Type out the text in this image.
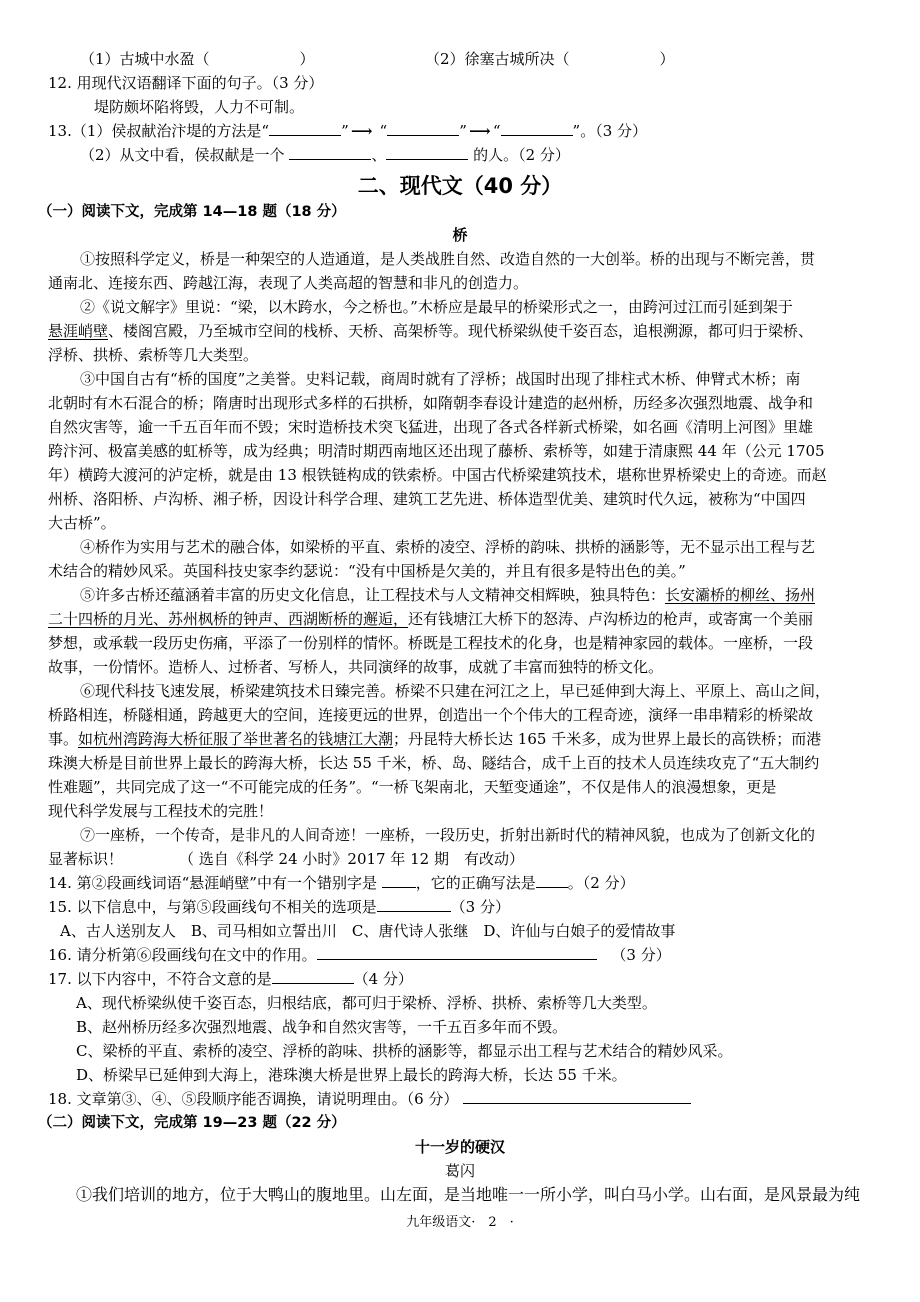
（1）古城中水盈（　　　　　　）	（2）徐塞古城所决（　　　　　　）
12. 用现代汉语翻译下面的句子。（3 分）
堤防颇坏陷将毁，人力不可制。
13.（1）侯叔献治汴堤的方法是“	” ⟶ “	” ⟶ “	”。（3 分）
（2）从文中看，侯叔献是一个	、	的人。（2 分）
二、现代文（40 分）
（一）阅读下文，完成第 14—18 题（18 分）
桥
①按照科学定义，桥是一种架空的人造通道，是人类战胜自然、改造自然的一大创举。桥的出现与不断完善，贯
通南北、连接东西、跨越江海，表现了人类高超的智慧和非凡的创造力。
②《说文解字》里说：“梁，以木跨水，今之桥也。”木桥应是最早的桥梁形式之一，由跨河过江而引延到架于
悬涯峭壁、楼阁宫殿，乃至城市空间的栈桥、天桥、高架桥等。现代桥梁纵使千姿百态，追根溯源，都可归于梁桥、
浮桥、拱桥、索桥等几大类型。
③中国自古有“桥的国度”之美誉。史料记载，商周时就有了浮桥；战国时出现了排柱式木桥、伸臂式木桥；南
北朝时有木石混合的桥；隋唐时出现形式多样的石拱桥，如隋朝李春设计建造的赵州桥，历经多次强烈地震、战争和
自然灾害等，逾一千五百年而不毁；宋时造桥技术突飞猛进，出现了各式各样新式桥梁，如名画《清明上河图》里雄
跨汴河、极富美感的虹桥等，成为经典；明清时期西南地区还出现了藤桥、索桥等，如建于清康熙 44 年（公元 1705
年）横跨大渡河的泸定桥，就是由 13 根铁链构成的铁索桥。中国古代桥梁建筑技术，堪称世界桥梁史上的奇迹。而赵
州桥、洛阳桥、卢沟桥、湘子桥，因设计科学合理、建筑工艺先进、桥体造型优美、建筑时代久远，被称为“中国四
大古桥”。
④桥作为实用与艺术的融合体，如梁桥的平直、索桥的凌空、浮桥的韵味、拱桥的涵影等，无不显示出工程与艺
术结合的精妙风采。英国科技史家李约瑟说：“没有中国桥是欠美的，并且有很多是特出色的美。”
⑤许多古桥还蕴涵着丰富的历史文化信息，让工程技术与人文精神交相辉映，独具特色：长安灞桥的柳丝、扬州
二十四桥的月光、苏州枫桥的钟声、西湖断桥的邂逅，还有钱塘江大桥下的怒涛、卢沟桥边的枪声，或寄寓一个美丽
梦想，或承载一段历史伤痛，平添了一份别样的情怀。桥既是工程技术的化身，也是精神家园的载体。一座桥，一段
故事，一份情怀。造桥人、过桥者、写桥人，共同演绎的故事，成就了丰富而独特的桥文化。
⑥现代科技飞速发展，桥梁建筑技术日臻完善。桥梁不只建在河江之上，早已延伸到大海上、平原上、高山之间，
桥路相连，桥隧相通，跨越更大的空间，连接更远的世界，创造出一个个伟大的工程奇迹，演绎一串串精彩的桥梁故
事。如杭州湾跨海大桥征服了举世著名的钱塘江大潮；丹昆特大桥长达 165 千米多，成为世界上最长的高铁桥；而港
珠澳大桥是目前世界上最长的跨海大桥，长达 55 千米，桥、岛、隧结合，成千上百的技术人员连续攻克了“五大制约
性难题”，共同完成了这一“不可能完成的任务”。“一桥飞架南北，天堑变通途”，不仅是伟人的浪漫想象，更是
现代科学发展与工程技术的完胜！
⑦一座桥，一个传奇，是非凡的人间奇迹！一座桥，一段历史，折射出新时代的精神风貌，也成为了创新文化的
显著标识！	（ 选自《科学 24 小时》2017 年 12 期　有改动）
14. 第②段画线词语“悬涯峭壁”中有一个错别字是	，它的正确写法是 。（2 分）
15. 以下信息中，与第⑤段画线句不相关的选项是	（3 分）
A、古人送别友人　B、司马相如立誓出川　C、唐代诗人张继　D、许仙与白娘子的爱情故事
16. 请分析第⑥段画线句在文中的作用。	（3 分）
17. 以下内容中，不符合文意的是	（4 分）
A、现代桥梁纵使千姿百态，归根结底，都可归于梁桥、浮桥、拱桥、索桥等几大类型。
B、赵州桥历经多次强烈地震、战争和自然灾害等，一千五百多年而不毁。
C、梁桥的平直、索桥的凌空、浮桥的韵味、拱桥的涵影等，都显示出工程与艺术结合的精妙风采。
D、桥梁早已延伸到大海上，港珠澳大桥是世界上最长的跨海大桥，长达 55 千米。
18. 文章第③、④、⑤段顺序能否调换，请说明理由。（6 分）
（二）阅读下文，完成第 19—23 题（22 分）
十一岁的硬汉
葛闪
①我们培训的地方，位于大鸭山的腹地里。山左面，是当地唯一一所小学，叫白马小学。山右面，是风景最为纯
九年级语文·　2　·
